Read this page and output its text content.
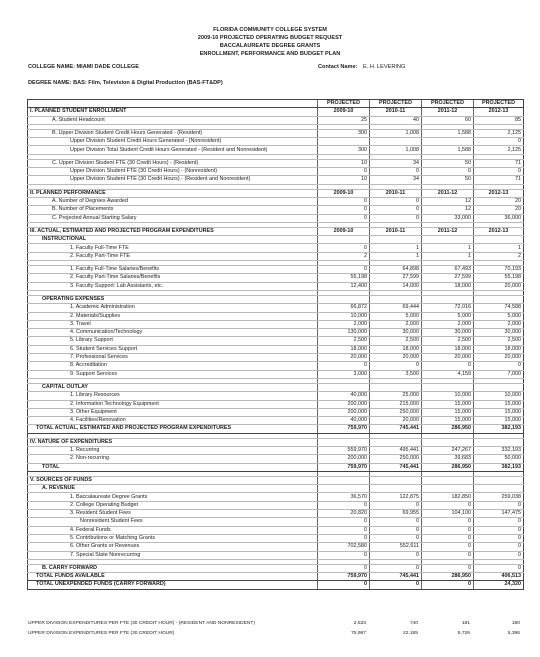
FLORIDA COMMUNITY COLLEGE SYSTEM
2009-10 PROJECTED OPERATING BUDGET REQUEST
BACCALAUREATE DEGREE GRANTS
ENROLLMENT, PERFORMANCE AND BUDGET PLAN
COLLEGE NAME: MIAMI DADE COLLEGE	Contact Name: E. H. LEVERING
DEGREE NAME: BAS: Film, Television & Digital Production (BAS-FT&DP)
	PROJECTED	PROJECTED	PROJECTED	PROJECTED
I. PLANNED STUDENT ENROLLMENT	2009-10	2010-11	2011-12	2012-13
A. Student Headcount	25	40	60	85

B. Upper Division Student Credit Hours Generated - (Resident)	300	1,008	1,588	2,125
Upper Division Student Credit Hours Generated - (Nonresident)				0
Upper Division Total Student Credit Hours Generated - (Resident and Nonresident)	300	1,008	1,588	2,125

C. Upper Division Student FTE (30 Credit Hours) - (Resident)	10	34	50	71
Upper Division Student FTE (30 Credit Hours) - (Nonresident)	0	0	0	0
Upper Division Student FTE (30 Credit Hours) - (Resident and Nonresident)	10	34	50	71

II. PLANNED PERFORMANCE	2009-10	2010-11	2011-12	2012-13
A. Number of Degrees Awarded	0	0	12	20
B. Number of Placements	0	0	12	20
C. Projected Annual Starting Salary	0	0	33,000	36,000

III. ACTUAL, ESTIMATED AND PROJECTED PROGRAM EXPENDITURES	2009-10	2010-11	2011-12	2012-13
INSTRUCTIONAL				
1. Faculty Full-Time FTE	0	1	1	1
2. Faculty Part-Time FTE	2	1	1	2

1. Faculty Full-Time Salaries/Benefits	0	64,898	67,493	70,193
2. Faculty Part-Time Salaries/Benefits	55,198	27,599	27,599	55,198
3. Faculty Support: Lab Assistants, etc.	12,400	14,000	18,000	20,000

OPERATING EXPENSES				
1. Academic Administration	66,872	69,444	72,016	74,588
2. Materials/Supplies	10,000	5,000	5,000	5,000
3. Travel	2,000	2,000	2,000	2,000
4. Communication/Technology	130,000	30,000	30,000	30,000
5. Library Support	2,500	2,500	2,500	2,500
6. Student Services Support	18,000	18,000	18,000	18,000
7. Professional Services	20,000	20,000	20,000	20,000
8. Accreditation	0	0	0	0
9. Support Services	3,000	3,500	4,159	7,000

CAPITAL OUTLAY				
1. Library Resources	40,000	25,000	10,000	10,000
2. Information Technology Equipment	200,000	215,000	15,000	15,000
3. Other Equipment	200,000	250,000	15,000	15,000
4. Facilities/Renovation	40,000	20,000	15,000	15,000
TOTAL ACTUAL, ESTIMATED AND PROJECTED PROGRAM EXPENDITURES	759,970	745,441	286,950	382,193

IV. NATURE OF EXPENDITURES				
1. Recurring	559,970	495,441	247,267	332,193
2. Non-recurring	200,000	250,000	39,683	50,000
TOTAL	759,970	745,441	286,950	382,193

V. SOURCES OF FUNDS				
A. REVENUE				
1. Baccalaureate Degree Grants	36,570	122,875	182,850	259,038
2. College Operating Budget	0	0	0	0
3. Resident Student Fees	20,820	69,955	104,100	147,475
Nonresident Student Fees	0	0	0	0
4. Federal Funds	0	0	0	0
5. Contributions or Matching Grants	0	0	0	0
6. Other Grants or Revenues	702,580	552,611	0	0
7. Special State Nonrecurring	0	0	0	0

B. CARRY FORWARD	0	0	0	0
TOTAL FUNDS AVAILABLE	759,970	745,441	286,950	406,513
TOTAL UNEXPENDED FUNDS (CARRY FORWARD)	0	0	0	24,320
UPPER DIVISION EXPENDITURES PER FTE (30 CREDIT HOUR) - (RESIDENT AND NONRESIDENT)	2,533	740	181	180
UPPER DIVISION EXPENDITURES PER FTE (30 CREDIT HOUR)	75,997	22,185	5,726	5,396
